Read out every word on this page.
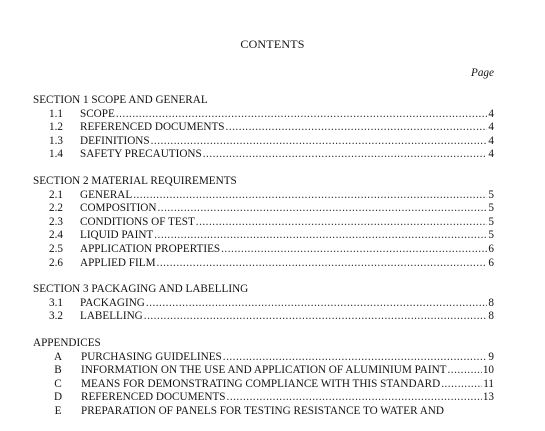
CONTENTS
Page
SECTION 1 SCOPE AND GENERAL
1.1	SCOPE .....	4
1.2	REFERENCED DOCUMENTS .....	4
1.3	DEFINITIONS .....	4
1.4	SAFETY PRECAUTIONS .....	4
SECTION 2 MATERIAL REQUIREMENTS
2.1	GENERAL .....	5
2.2	COMPOSITION .....	5
2.3	CONDITIONS OF TEST .....	5
2.4	LIQUID PAINT .....	5
2.5	APPLICATION PROPERTIES .....	6
2.6	APPLIED FILM .....	6
SECTION 3 PACKAGING AND LABELLING
3.1	PACKAGING .....	8
3.2	LABELLING .....	8
APPENDICES
A	PURCHASING GUIDELINES .....	9
B	INFORMATION ON THE USE AND APPLICATION OF ALUMINIUM PAINT .....	10
C	MEANS FOR DEMONSTRATING COMPLIANCE WITH THIS STANDARD .....	11
D	REFERENCED DOCUMENTS .....	13
E	PREPARATION OF PANELS FOR TESTING RESISTANCE TO WATER AND
